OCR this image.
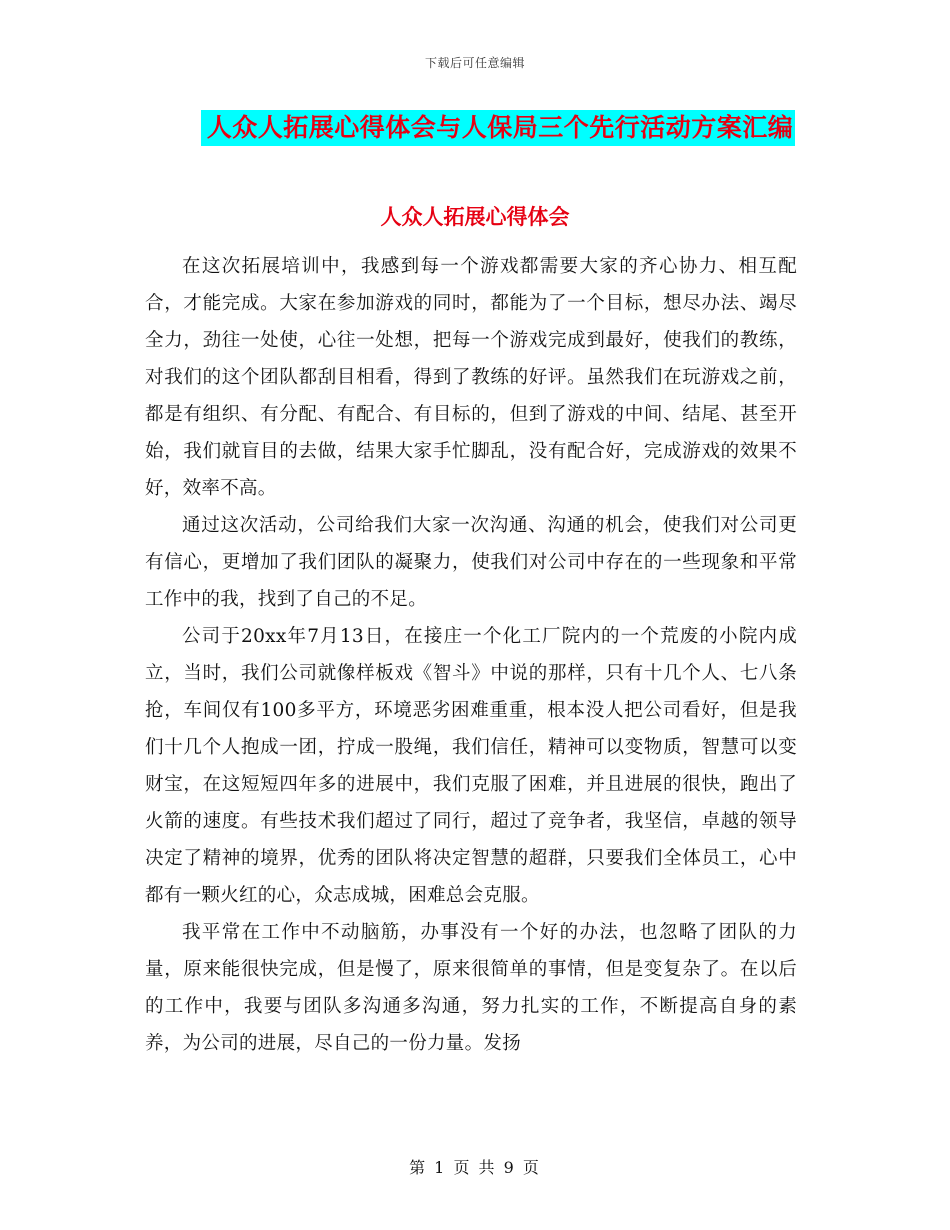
下载后可任意编辑
人众人拓展心得体会与人保局三个先行活动方案汇编
人众人拓展心得体会

在这次拓展培训中，我感到每一个游戏都需要大家的齐心协力、相互配合，才能完成。大家在参加游戏的同时，都能为了一个目标，想尽办法、竭尽全力，劲往一处使，心往一处想，把每一个游戏完成到最好，使我们的教练，对我们的这个团队都刮目相看，得到了教练的好评。虽然我们在玩游戏之前，都是有组织、有分配、有配合、有目标的，但到了游戏的中间、结尾、甚至开始，我们就盲目的去做，结果大家手忙脚乱，没有配合好，完成游戏的效果不好，效率不高。

通过这次活动，公司给我们大家一次沟通、沟通的机会，使我们对公司更有信心，更增加了我们团队的凝聚力，使我们对公司中存在的一些现象和平常工作中的我，找到了自己的不足。

公司于20xx年7月13日，在接庄一个化工厂院内的一个荒废的小院内成立，当时，我们公司就像样板戏《智斗》中说的那样，只有十几个人、七八条抢，车间仅有100多平方，环境恶劣困难重重，根本没人把公司看好，但是我们十几个人抱成一团，拧成一股绳，我们信任，精神可以变物质，智慧可以变财宝，在这短短四年多的进展中，我们克服了困难，并且进展的很快，跑出了火箭的速度。有些技术我们超过了同行，超过了竞争者，我坚信，卓越的领导决定了精神的境界，优秀的团队将决定智慧的超群，只要我们全体员工，心中都有一颗火红的心，众志成城，困难总会克服。

我平常在工作中不动脑筋，办事没有一个好的办法，也忽略了团队的力量，原来能很快完成，但是慢了，原来很简单的事情，但是变复杂了。在以后的工作中，我要与团队多沟通多沟通，努力扎实的工作，不断提高自身的素养，为公司的进展，尽自己的一份力量。发扬

第 1 页 共 9 页
